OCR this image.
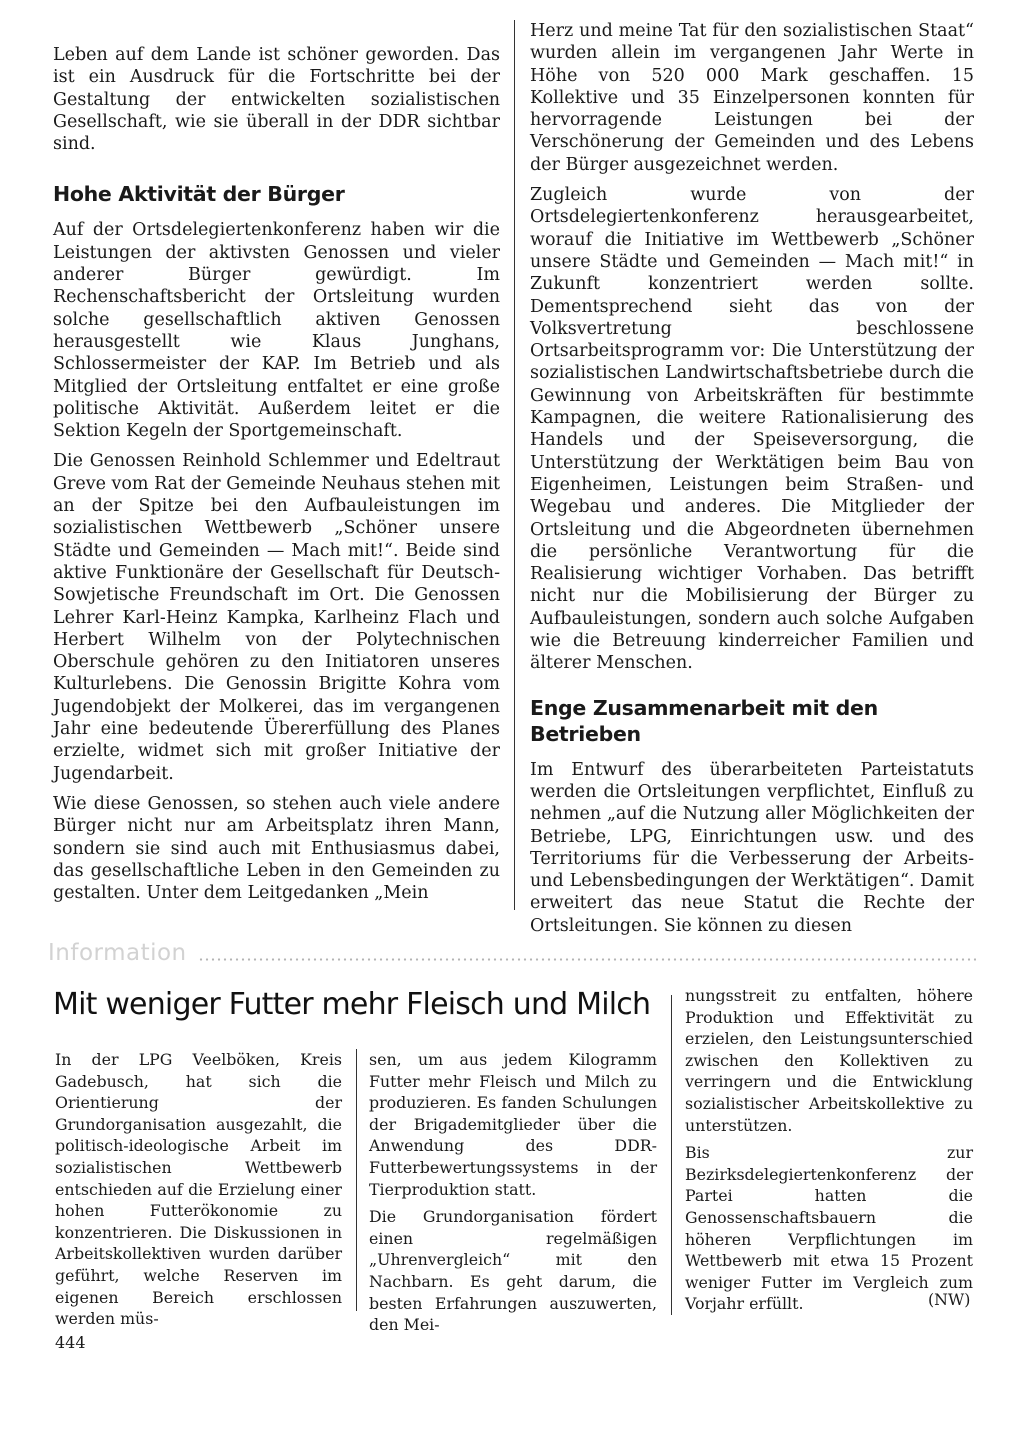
Leben auf dem Lande ist schöner geworden. Das ist ein Ausdruck für die Fortschritte bei der Gestaltung der entwickelten sozialistischen Gesellschaft, wie sie überall in der DDR sichtbar sind.

Hohe Aktivität der Bürger

Auf der Ortsdelegiertenkonferenz haben wir die Leistungen der aktivsten Genossen und vieler anderer Bürger gewürdigt. Im Rechenschaftsbericht der Ortsleitung wurden solche gesellschaftlich aktiven Genossen herausgestellt wie Klaus Junghans, Schlossermeister der KAP. Im Betrieb und als Mitglied der Ortsleitung entfaltet er eine große politische Aktivität. Außerdem leitet er die Sektion Kegeln der Sportgemeinschaft.

Die Genossen Reinhold Schlemmer und Edeltraut Greve vom Rat der Gemeinde Neuhaus stehen mit an der Spitze bei den Aufbauleistungen im sozialistischen Wettbewerb „Schöner unsere Städte und Gemeinden — Mach mit!“. Beide sind aktive Funktionäre der Gesellschaft für Deutsch-Sowjetische Freundschaft im Ort. Die Genossen Lehrer Karl-Heinz Kampka, Karlheinz Flach und Herbert Wilhelm von der Polytechnischen Oberschule gehören zu den Initiatoren unseres Kulturlebens. Die Genossin Brigitte Kohra vom Jugendobjekt der Molkerei, das im vergangenen Jahr eine bedeutende Übererfüllung des Planes erzielte, widmet sich mit großer Initiative der Jugendarbeit.

Wie diese Genossen, so stehen auch viele andere Bürger nicht nur am Arbeitsplatz ihren Mann, sondern sie sind auch mit Enthusiasmus dabei, das gesellschaftliche Leben in den Gemeinden zu gestalten. Unter dem Leitgedanken „Mein

Herz und meine Tat für den sozialistischen Staat“ wurden allein im vergangenen Jahr Werte in Höhe von 520 000 Mark geschaffen. 15 Kollektive und 35 Einzelpersonen konnten für hervorragende Leistungen bei der Verschönerung der Gemeinden und des Lebens der Bürger ausgezeichnet werden.

Zugleich wurde von der Ortsdelegiertenkonferenz herausgearbeitet, worauf die Initiative im Wettbewerb „Schöner unsere Städte und Gemeinden — Mach mit!“ in Zukunft konzentriert werden sollte. Dementsprechend sieht das von der Volksvertretung beschlossene Ortsarbeitsprogramm vor: Die Unterstützung der sozialistischen Landwirtschaftsbetriebe durch die Gewinnung von Arbeitskräften für bestimmte Kampagnen, die weitere Rationalisierung des Handels und der Speiseversorgung, die Unterstützung der Werktätigen beim Bau von Eigenheimen, Leistungen beim Straßen- und Wegebau und anderes. Die Mitglieder der Ortsleitung und die Abgeordneten übernehmen die persönliche Verantwortung für die Realisierung wichtiger Vorhaben. Das betrifft nicht nur die Mobilisierung der Bürger zu Aufbauleistungen, sondern auch solche Aufgaben wie die Betreuung kinderreicher Familien und älterer Menschen.

Enge Zusammenarbeit mit den Betrieben

Im Entwurf des überarbeiteten Parteistatuts werden die Ortsleitungen verpflichtet, Einfluß zu nehmen „auf die Nutzung aller Möglichkeiten der Betriebe, LPG, Einrichtungen usw. und des Territoriums für die Verbesserung der Arbeits- und Lebensbedingungen der Werktätigen“. Damit erweitert das neue Statut die Rechte der Ortsleitungen. Sie können zu diesen

Information
Mit weniger Futter mehr Fleisch und Milch

In der LPG Veelböken, Kreis Gadebusch, hat sich die Orientierung der Grundorganisation ausgezahlt, die politisch-ideologische Arbeit im sozialistischen Wettbewerb entschieden auf die Erzielung einer hohen Futterökonomie zu konzentrieren. Die Diskussionen in Arbeitskollektiven wurden darüber geführt, welche Reserven im eigenen Bereich erschlossen werden müs-

sen, um aus jedem Kilogramm Futter mehr Fleisch und Milch zu produzieren. Es fanden Schulungen der Brigademitglieder über die Anwendung des DDR-Futterbewertungssystems in der Tierproduktion statt.

Die Grundorganisation fördert einen regelmäßigen „Uhrenvergleich“ mit den Nachbarn. Es geht darum, die besten Erfahrungen auszuwerten, den Mei-

nungsstreit zu entfalten, höhere Produktion und Effektivität zu erzielen, den Leistungsunterschied zwischen den Kollektiven zu verringern und die Entwicklung sozialistischer Arbeitskollektive zu unterstützen.

Bis zur Bezirksdelegiertenkonferenz der Partei hatten die Genossenschaftsbauern die höheren Verpflichtungen im Wettbewerb mit etwa 15 Prozent weniger Futter im Vergleich zum Vorjahr erfüllt.	(NW)
444
